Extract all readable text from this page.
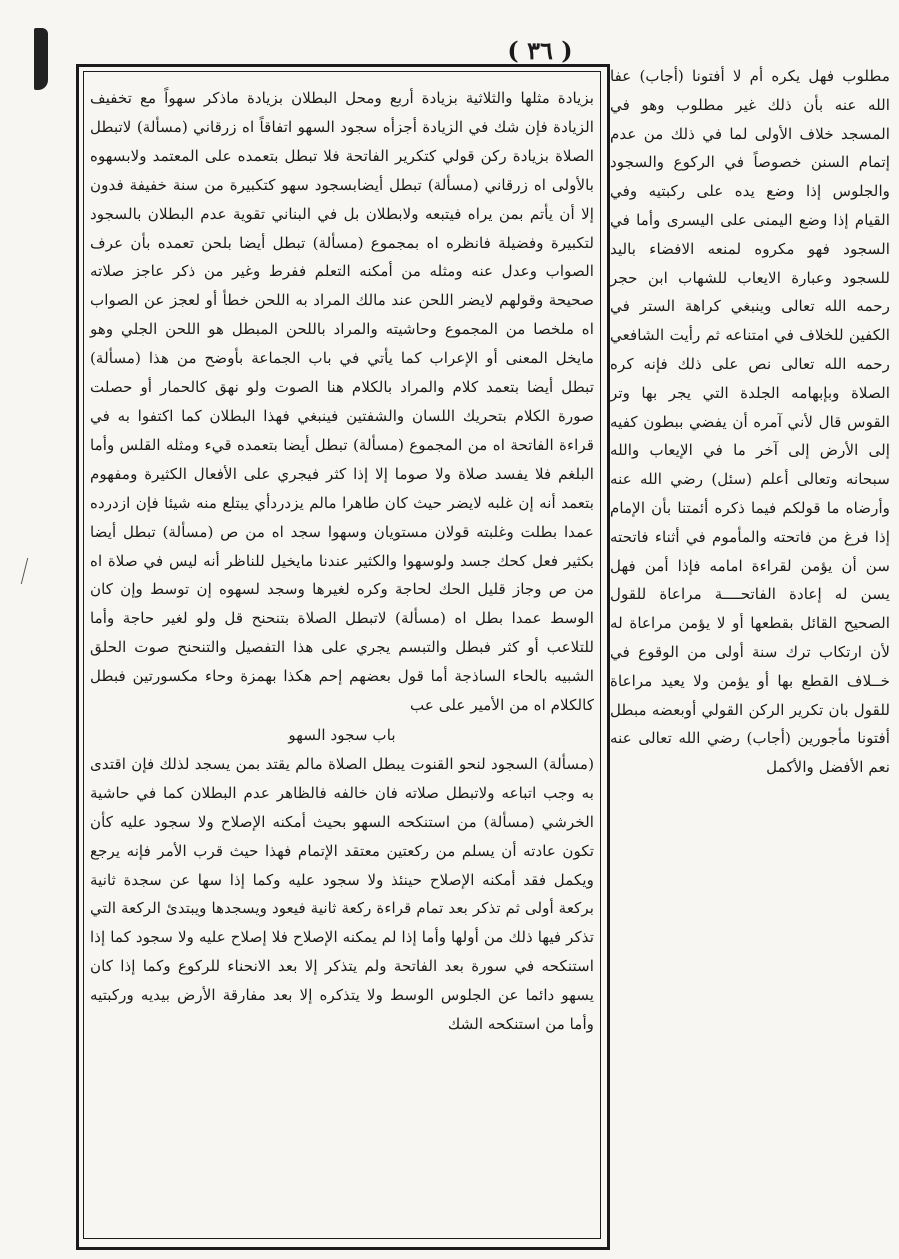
( ٣٦ )

بزيادة مثلها والثلاثية بزيادة أربع ومحل البطلان بزيادة ماذكر سهواً مع تخفيف الزيادة فإن شك في الزيادة أجزأه سجود السهو اتفاقاً اه زرقاني (مسألة) لاتبطل الصلاة بزيادة ركن قولي كتكرير الفاتحة فلا تبطل بتعمده على المعتمد ولابسهوه بالأولى اه زرقاني (مسألة) تبطل أيضابسجود سهو كتكبيرة من سنة خفيفة فدون إلا أن يأتم بمن يراه فيتبعه ولابطلان بل في البناني تقوية عدم البطلان بالسجود لتكبيرة وفضيلة فانظره اه بمجموع (مسألة) تبطل أيضا بلحن تعمده بأن عرف الصواب وعدل عنه ومثله من أمكنه التعلم ففرط وغير من ذكر عاجز صلاته صحيحة وقولهم لايضر اللحن عند مالك المراد به اللحن خطأ أو لعجز عن الصواب اه ملخصا من المجموع وحاشيته والمراد باللحن المبطل هو اللحن الجلي وهو مايخل المعنى أو الإعراب كما يأتي في باب الجماعة بأوضح من هذا (مسألة) تبطل أيضا بتعمد كلام والمراد بالكلام هنا الصوت ولو نهق كالحمار أو حصلت صورة الكلام بتحريك اللسان والشفتين فينبغي فهذا البطلان كما اكتفوا به في قراءة الفاتحة اه من المجموع (مسألة) تبطل أيضا بتعمده قيء ومثله القلس وأما البلغم فلا يفسد صلاة ولا صوما إلا إذا كثر فيجري على الأفعال الكثيرة ومفهوم بتعمد أنه إن غلبه لايضر حيث كان طاهرا مالم يزدردأي يبتلع منه شيئا فإن ازدرده عمدا بطلت وغلبته قولان مستويان وسهوا سجد اه من ص (مسألة) تبطل أيضا بكثير فعل كحك جسد ولوسهوا والكثير عندنا مايخيل للناظر أنه ليس في صلاة اه من ص وجاز قليل الحك لحاجة وكره لغيرها وسجد لسهوه إن توسط وإن كان الوسط عمدا بطل اه (مسألة) لاتبطل الصلاة بتنحنح قل ولو لغير حاجة وأما للتلاعب أو كثر فبطل والتبسم يجري على هذا التفصيل والتنحنح صوت الحلق الشبيه بالحاء الساذجة أما قول بعضهم إحم هكذا بهمزة وحاء مكسورتين فبطل كالكلام اه من الأمير على عب

باب سجود السهو

(مسألة) السجود لنحو القنوت يبطل الصلاة مالم يقتد بمن يسجد لذلك فإن اقتدى به وجب اتباعه ولاتبطل صلاته فان خالفه فالظاهر عدم البطلان كما في حاشية الخرشي (مسألة) من استنكحه السهو بحيث أمكنه الإصلاح ولا سجود عليه كأن تكون عادته أن يسلم من ركعتين معتقد الإتمام فهذا حيث قرب الأمر فإنه يرجع ويكمل فقد أمكنه الإصلاح حينئذ ولا سجود عليه وكما إذا سها عن سجدة ثانية بركعة أولى ثم تذكر بعد تمام قراءة ركعة ثانية فيعود ويسجدها ويبتدئ الركعة التي تذكر فيها ذلك من أولها وأما إذا لم يمكنه الإصلاح فلا إصلاح عليه ولا سجود كما إذا استنكحه في سورة بعد الفاتحة ولم يتذكر إلا بعد الانحناء للركوع وكما إذا كان يسهو دائما عن الجلوس الوسط ولا يتذكره إلا بعد مفارقة الأرض بيديه وركبتيه وأما من استنكحه الشك

مطلوب فهل يكره أم لا أفتونا (أجاب) عفا الله عنه بأن ذلك غير مطلوب وهو في المسجد خلاف الأولى لما في ذلك من عدم إتمام السنن خصوصاً في الركوع والسجود والجلوس إذا وضع يده على ركبتيه وفي القيام إذا وضع اليمنى على اليسرى وأما في السجود فهو مكروه لمنعه الافضاء باليد للسجود وعبارة الايعاب للشهاب ابن حجر رحمه الله تعالى وينبغي كراهة الستر في الكفين للخلاف في امتناعه ثم رأيت الشافعي رحمه الله تعالى نص على ذلك فإنه كره الصلاة وبإبهامه الجلدة التي يجر بها وتر القوس قال لأني آمره أن يفضي ببطون كفيه إلى الأرض إلى آخر ما في الإيعاب والله سبحانه وتعالى أعلم (سئل) رضي الله عنه وأرضاه ما قولكم فيما ذكره أئمتنا بأن الإمام إذا فرغ من فاتحته والمأموم في أثناء فاتحته سن أن يؤمن لقراءة امامه فإذا أمن فهل يسن له إعادة الفاتحــــة مراعاة للقول الصحيح القائل بقطعها أو لا يؤمن مراعاة له لأن ارتكاب ترك سنة أولى من الوقوع في خــلاف القطع بها أو يؤمن ولا يعيد مراعاة للقول بان تكرير الركن القولي أوبعضه مبطل أفتونا مأجورين (أجاب) رضي الله تعالى عنه نعم الأفضل والأكمل
